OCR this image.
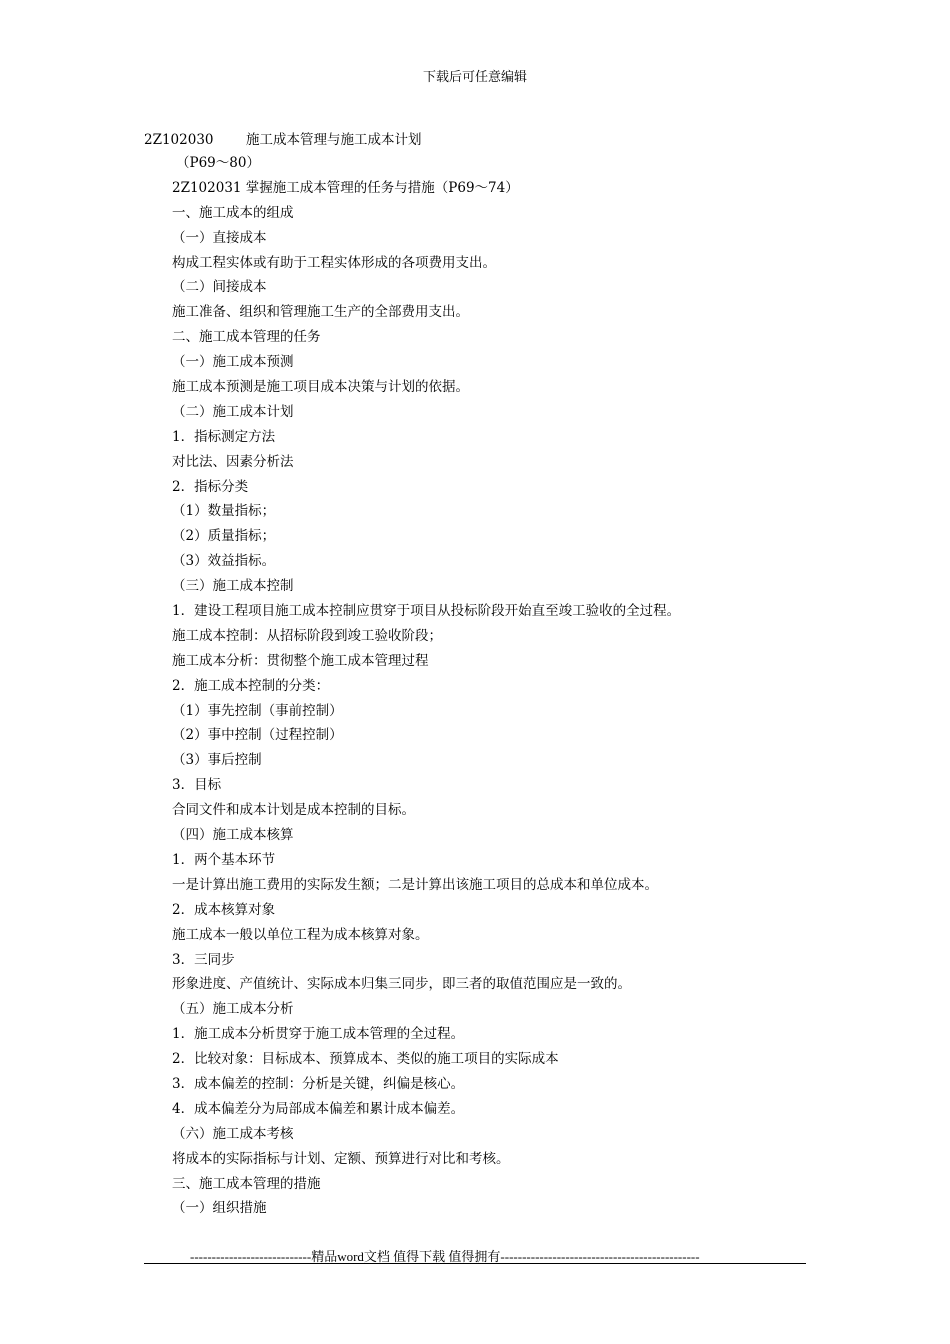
下载后可任意编辑
2Z102030 施工成本管理与施工成本计划
（P69～80）
2Z102031 掌握施工成本管理的任务与措施（P69～74）
一、施工成本的组成
（一）直接成本
构成工程实体或有助于工程实体形成的各项费用支出。
（二）间接成本
施工准备、组织和管理施工生产的全部费用支出。
二、施工成本管理的任务
（一）施工成本预测
施工成本预测是施工项目成本决策与计划的依据。
（二）施工成本计划
1．指标测定方法
对比法、因素分析法
2．指标分类
（1）数量指标；
（2）质量指标；
（3）效益指标。
（三）施工成本控制
1．建设工程项目施工成本控制应贯穿于项目从投标阶段开始直至竣工验收的全过程。
施工成本控制：从招标阶段到竣工验收阶段；
施工成本分析：贯彻整个施工成本管理过程
2．施工成本控制的分类：
（1）事先控制（事前控制）
（2）事中控制（过程控制）
（3）事后控制
3．目标
合同文件和成本计划是成本控制的目标。
（四）施工成本核算
1．两个基本环节
一是计算出施工费用的实际发生额；二是计算出该施工项目的总成本和单位成本。
2．成本核算对象
施工成本一般以单位工程为成本核算对象。
3．三同步
形象进度、产值统计、实际成本归集三同步，即三者的取值范围应是一致的。
（五）施工成本分析
1．施工成本分析贯穿于施工成本管理的全过程。
2．比较对象：目标成本、预算成本、类似的施工项目的实际成本
3．成本偏差的控制：分析是关键，纠偏是核心。
4．成本偏差分为局部成本偏差和累计成本偏差。
（六）施工成本考核
将成本的实际指标与计划、定额、预算进行对比和考核。
三、施工成本管理的措施
（一）组织措施
----------------------------精品word文档 值得下载 值得拥有----------------------------------------------
